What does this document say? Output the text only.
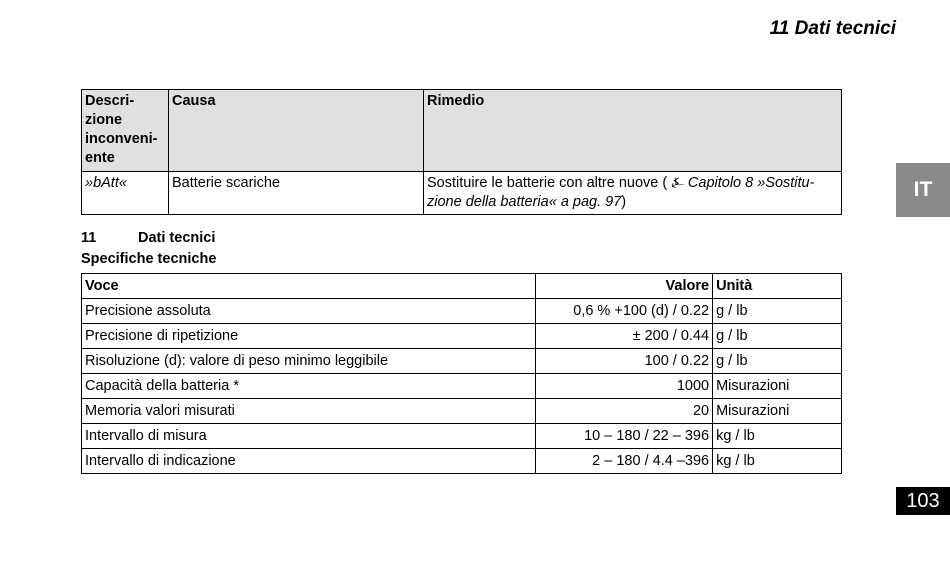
11 Dati tecnici
IT
103
Descri-
zione
inconveni-
ente	Causa	Rimedio
»bAtt«	Batterie scariche	Sostituire le batterie con altre nuove ( ⍼ Capitolo 8 »Sostitu- zione della batteria« a pag. 97)
11	Dati tecnici
Specifiche tecniche
Voce	Valore	Unità
Precisione assoluta	0,6 % +100 (d) / 0.22	g / lb
Precisione di ripetizione	± 200 / 0.44	g / lb
Risoluzione (d): valore di peso minimo leggibile	100 / 0.22	g / lb
Capacità della batteria *	1000	Misurazioni
Memoria valori misurati	20	Misurazioni
Intervallo di misura	10 – 180 / 22 – 396	kg / lb
Intervallo di indicazione	2 – 180 / 4.4 –396	kg / lb
